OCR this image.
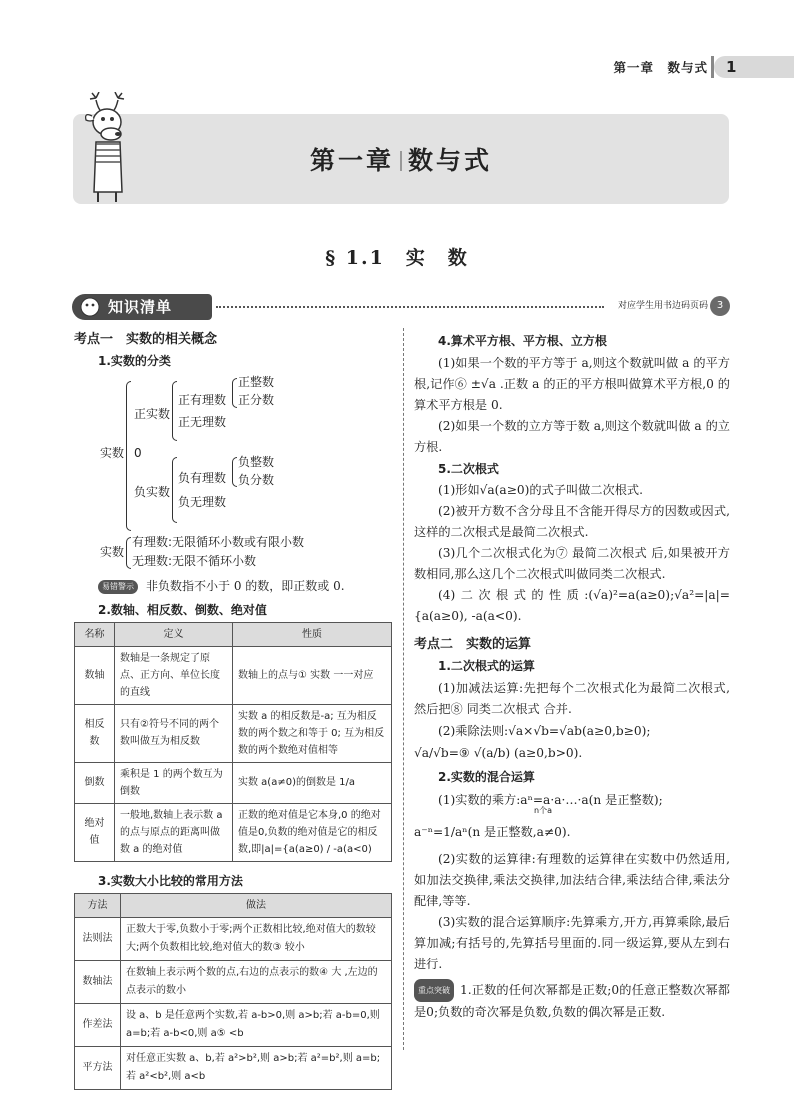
第一章　数与式	1
第一章 数与式
§ 1.1　实　数
知识清单	对应学生用书边码页码 3
考点一　实数的相关概念
1.实数的分类
实数
正实数
正有理数
正整数
正分数
正无理数
0
负实数
负有理数
负整数
负分数
负无理数
实数
有理数:无限循环小数或有限小数
无理数:无限不循环小数
易错警示 非负数指不小于 0 的数，即正数或 0.
2.数轴、相反数、倒数、绝对值
名称	定义	性质
数轴	数轴是一条规定了原点、正方向、单位长度的直线	数轴上的点与① 实数 一一对应
相反数	只有②符号不同的两个数叫做互为相反数	实数 a 的相反数是-a; 互为相反数的两个数之和等于 0; 互为相反数的两个数绝对值相等
倒数	乘积是 1 的两个数互为倒数	实数 a(a≠0)的倒数是 1/a
绝对值	一般地,数轴上表示数 a 的点与原点的距离叫做数 a 的绝对值	正数的绝对值是它本身,0 的绝对值是0,负数的绝对值是它的相反数,即|a|={a(a≥0) / -a(a<0)
3.实数大小比较的常用方法
方法	做法
法则法	正数大于零,负数小于零;两个正数相比较,绝对值大的数较大;两个负数相比较,绝对值大的数③ 较小
数轴法	在数轴上表示两个数的点,右边的点表示的数④ 大 ,左边的点表示的数小
作差法	设 a、b 是任意两个实数,若 a-b>0,则 a>b;若 a-b=0,则 a=b;若 a-b<0,则 a⑤ <b
平方法	对任意正实数 a、b,若 a²>b²,则 a>b;若 a²=b²,则 a=b;若 a²<b²,则 a<b
4.算术平方根、平方根、立方根
(1)如果一个数的平方等于 a,则这个数就叫做 a 的平方根,记作⑥ ±√a .正数 a 的正的平方根叫做算术平方根,0 的算术平方根是 0.
(2)如果一个数的立方等于数 a,则这个数就叫做 a 的立方根.
5.二次根式
(1)形如√a(a≥0)的式子叫做二次根式.
(2)被开方数不含分母且不含能开得尽方的因数或因式,这样的二次根式是最简二次根式.
(3)几个二次根式化为⑦ 最简二次根式 后,如果被开方数相同,那么这几个二次根式叫做同类二次根式.
(4)二次根式的性质:(√a)²=a(a≥0);√a²=|a|={a(a≥0), -a(a<0).
考点二　实数的运算
1.二次根式的运算
(1)加减法运算:先把每个二次根式化为最简二次根式,然后把⑧ 同类二次根式 合并.
(2)乘除法则:√a×√b=√ab(a≥0,b≥0);
√a/√b=⑨ √(a/b) (a≥0,b>0).
2.实数的混合运算
(1)实数的乘方:aⁿ=a·a·…·a(n 是正整数);
n个a
a⁻ⁿ=1/aⁿ(n 是正整数,a≠0).
(2)实数的运算律:有理数的运算律在实数中仍然适用,如加法交换律,乘法交换律,加法结合律,乘法结合律,乘法分配律,等等.
(3)实数的混合运算顺序:先算乘方,开方,再算乘除,最后算加减;有括号的,先算括号里面的.同一级运算,要从左到右进行.
重点突破 1.正数的任何次幂都是正数;0的任意正整数次幂都是0;负数的奇次幂是负数,负数的偶次幂是正数.
